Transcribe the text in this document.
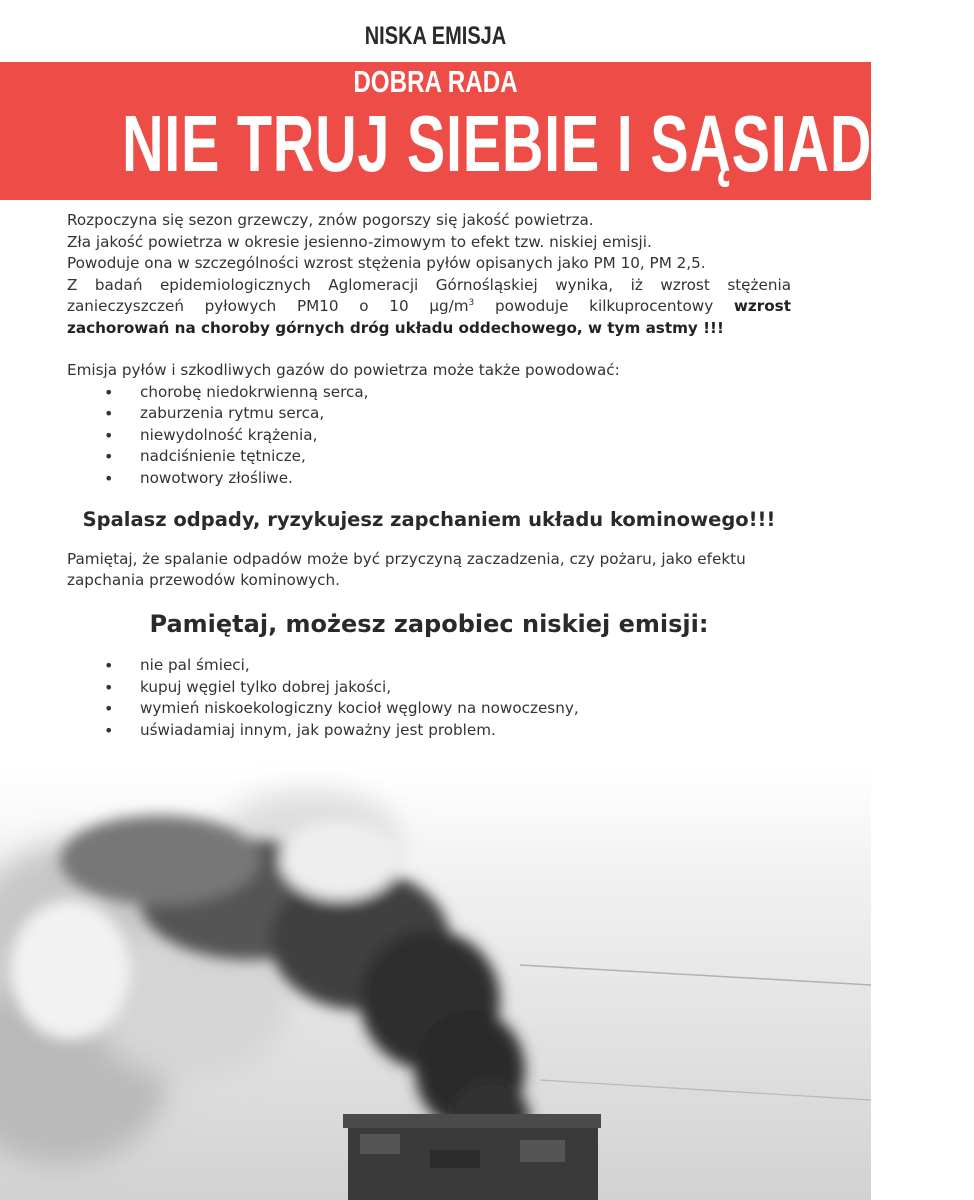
NISKA EMISJA
DOBRA RADA
NIE TRUJ SIEBIE I SĄSIADA!!!

Rozpoczyna się sezon grzewczy, znów pogorszy się jakość powietrza.

Zła jakość powietrza w okresie jesienno-zimowym to efekt tzw. niskiej emisji.

Powoduje ona w szczególności wzrost stężenia pyłów opisanych jako PM 10, PM 2,5.

Z badań epidemiologicznych Aglomeracji Górnośląskiej wynika, iż wzrost stężenia

zanieczyszczeń pyłowych PM10 o 10 $\mu g/m^3$ powoduje kilkuprocentowy wzrost

zachorowań na choroby górnych dróg układu oddechowego, w tym astmy !!!

Emisja pyłów i szkodliwych gazów do powietrza może także powodować:

• chorobę niedokrwienną serca,
• zaburzenia rytmu serca,
• niewydolność krążenia,
• nadciśnienie tętnicze,
• nowotwory złośliwe.

Spalasz odpady, ryzykujesz zapchaniem układu kominowego!!!

Pamiętaj, że spalanie odpadów może być przyczyną zaczadzenia, czy pożaru, jako efektu

zapchania przewodów kominowych.

Pamiętaj, możesz zapobiec niskiej emisji:

• nie pal śmieci,
• kupuj węgiel tylko dobrej jakości,
• wymień niskoekologiczny kocioł węglowy na nowoczesny,
• uświadamiaj innym, jak poważny jest problem.
